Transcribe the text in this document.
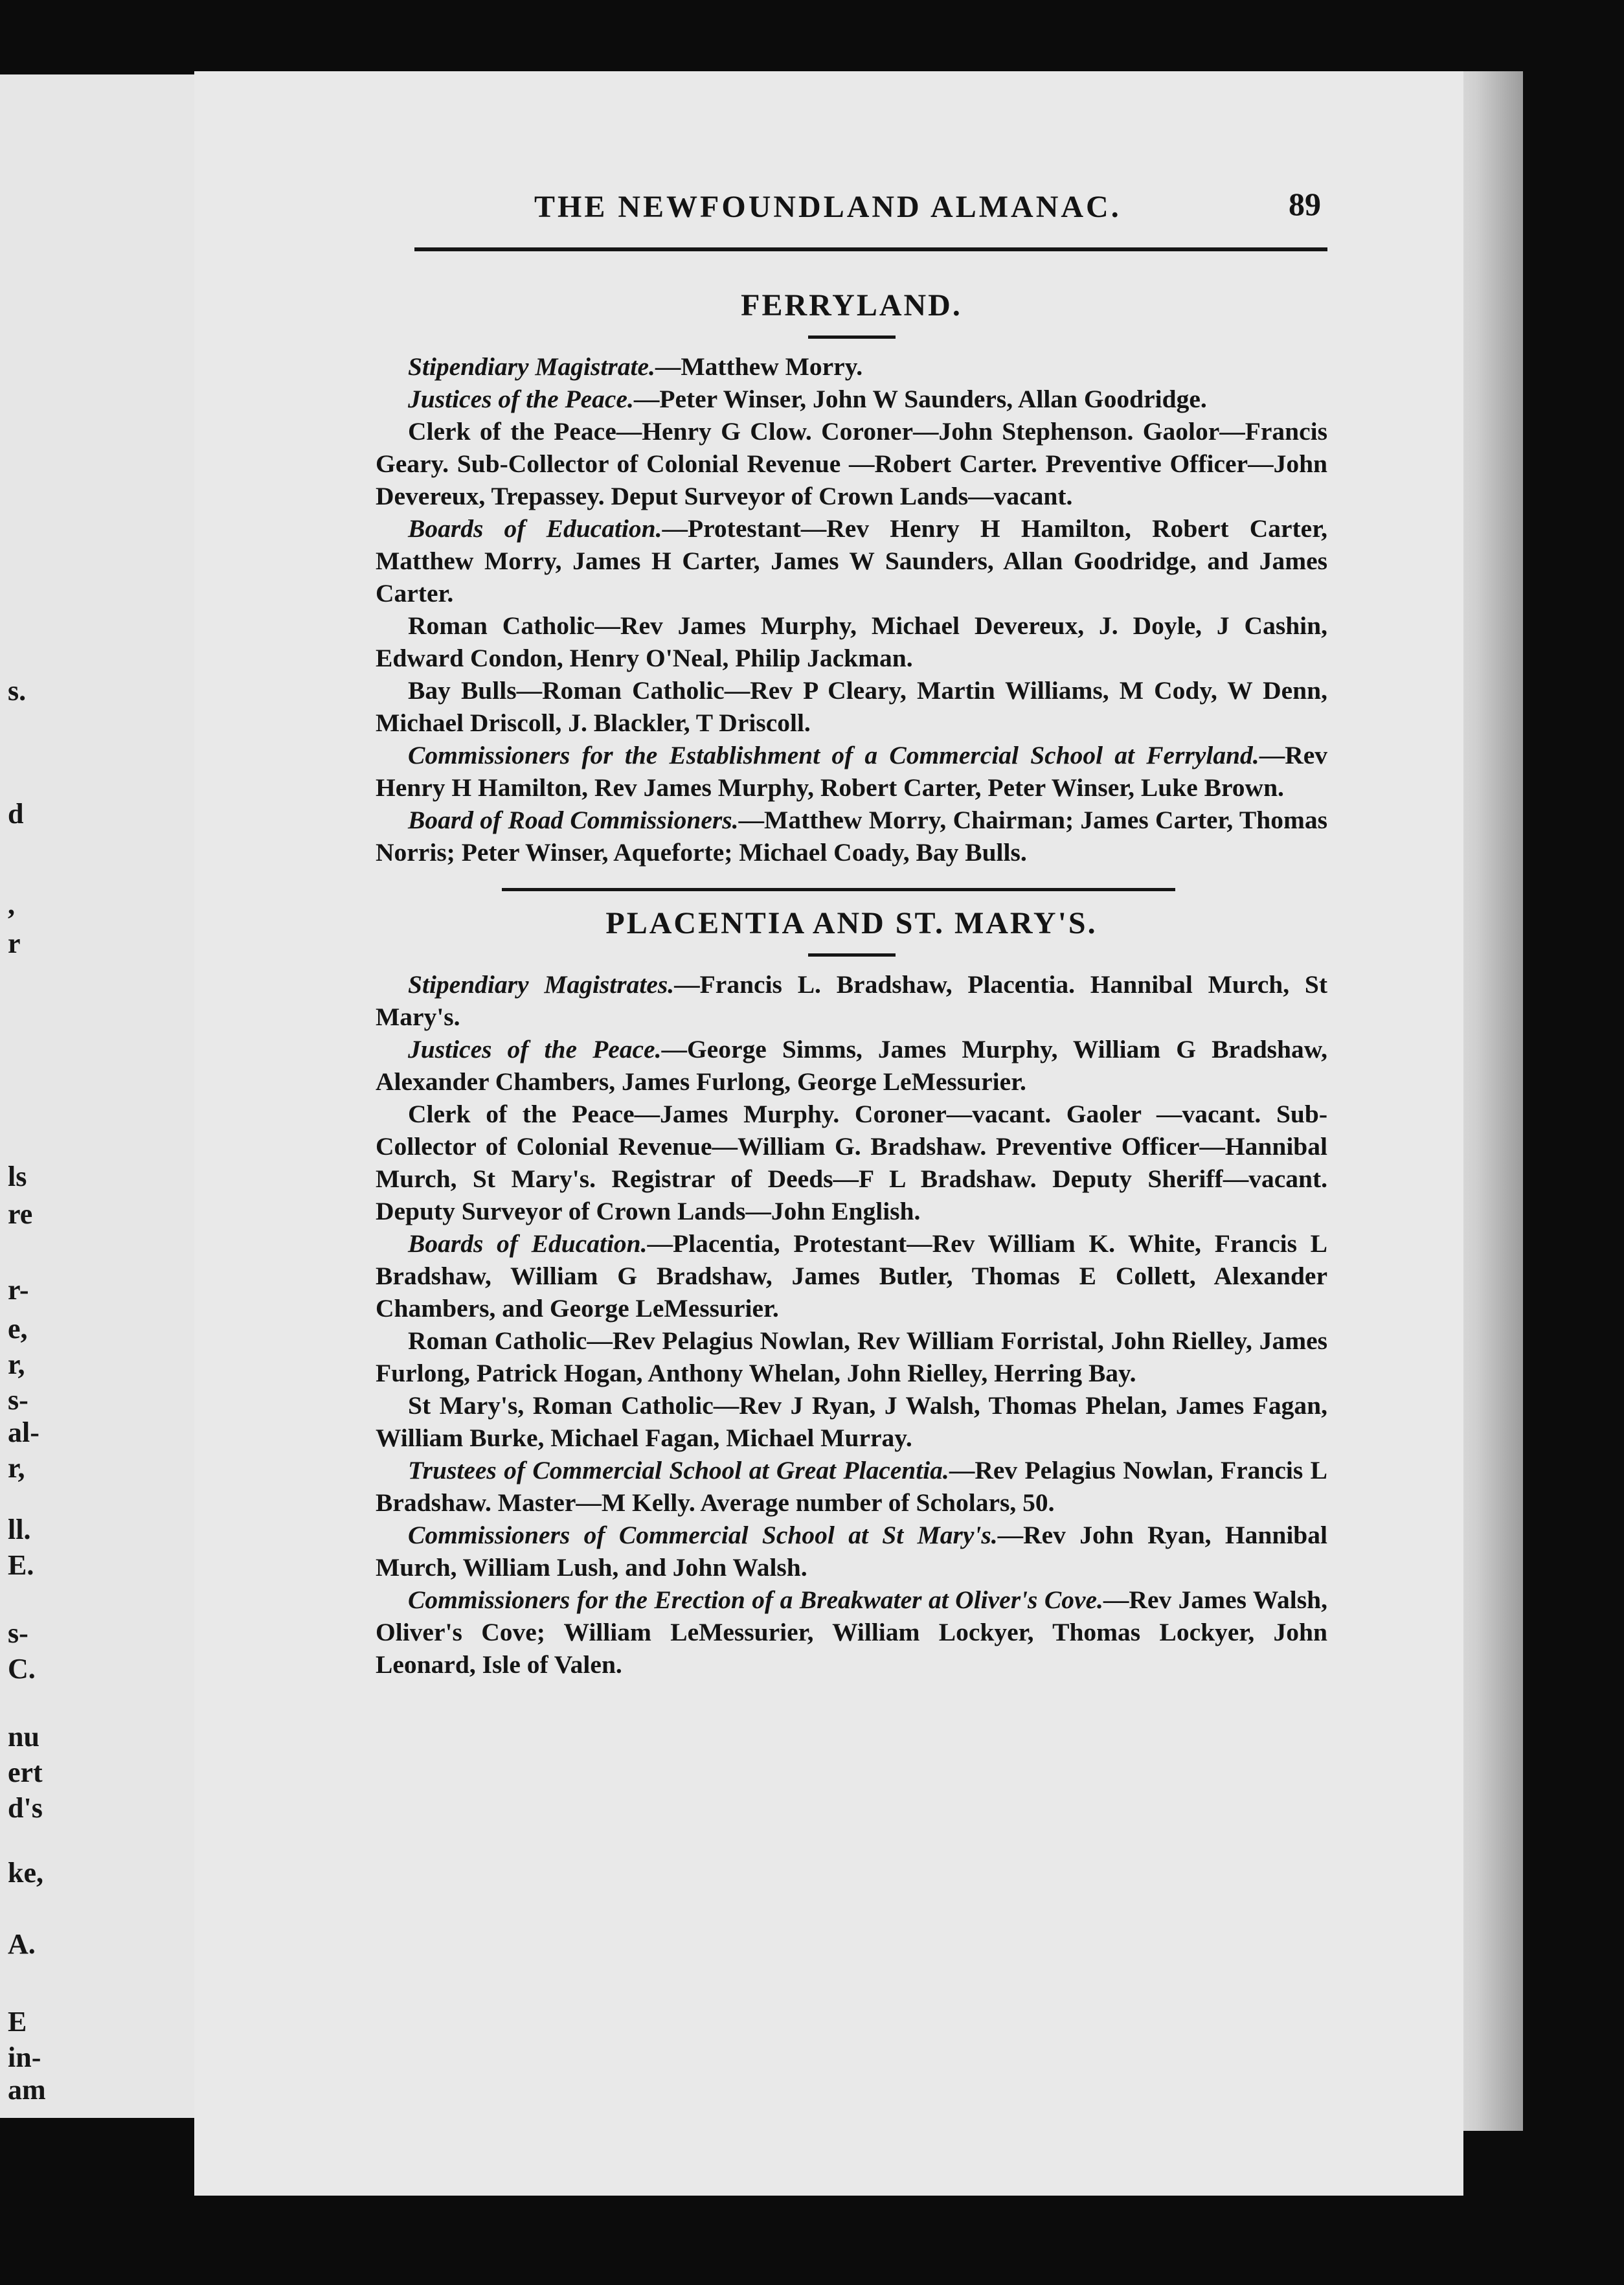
s.
d
,
r
ls
re
r-
e,
r,
s-
al-
r,
ll.
E.
s-
C.
nu
ert
d's
ke,
A.
E
in-
am
THE NEWFOUNDLAND ALMANAC.	89
FERRYLAND.

Stipendiary Magistrate.—Matthew Morry.

Justices of the Peace.—Peter Winser, John W Saunders, Allan Goodridge.

Clerk of the Peace—Henry G Clow. Coroner—John Stephenson. Gaolor—Francis Geary. Sub-Collector of Colonial Revenue —Robert Carter. Preventive Officer—John Devereux, Trepassey. Deput Surveyor of Crown Lands—vacant.

Boards of Education.—Protestant—Rev Henry H Hamilton, Robert Carter, Matthew Morry, James H Carter, James W Saunders, Allan Goodridge, and James Carter.

Roman Catholic—Rev James Murphy, Michael Devereux, J. Doyle, J Cashin, Edward Condon, Henry O'Neal, Philip Jackman.

Bay Bulls—Roman Catholic—Rev P Cleary, Martin Williams, M Cody, W Denn, Michael Driscoll, J. Blackler, T Driscoll.

Commissioners for the Establishment of a Commercial School at Ferryland.—Rev Henry H Hamilton, Rev James Murphy, Robert Carter, Peter Winser, Luke Brown.

Board of Road Commissioners.—Matthew Morry, Chairman; James Carter, Thomas Norris; Peter Winser, Aqueforte; Michael Coady, Bay Bulls.

PLACENTIA AND ST. MARY'S.

Stipendiary Magistrates.—Francis L. Bradshaw, Placentia. Hannibal Murch, St Mary's.

Justices of the Peace.—George Simms, James Murphy, William G Bradshaw, Alexander Chambers, James Furlong, George LeMessurier.

Clerk of the Peace—James Murphy. Coroner—vacant. Gaoler —vacant. Sub-Collector of Colonial Revenue—William G. Bradshaw. Preventive Officer—Hannibal Murch, St Mary's. Registrar of Deeds—F L Bradshaw. Deputy Sheriff—vacant. Deputy Surveyor of Crown Lands—John English.

Boards of Education.—Placentia, Protestant—Rev William K. White, Francis L Bradshaw, William G Bradshaw, James Butler, Thomas E Collett, Alexander Chambers, and George LeMessurier.

Roman Catholic—Rev Pelagius Nowlan, Rev William Forristal, John Rielley, James Furlong, Patrick Hogan, Anthony Whelan, John Rielley, Herring Bay.

St Mary's, Roman Catholic—Rev J Ryan, J Walsh, Thomas Phelan, James Fagan, William Burke, Michael Fagan, Michael Murray.

Trustees of Commercial School at Great Placentia.—Rev Pelagius Nowlan, Francis L Bradshaw. Master—M Kelly. Average number of Scholars, 50.

Commissioners of Commercial School at St Mary's.—Rev John Ryan, Hannibal Murch, William Lush, and John Walsh.

Commissioners for the Erection of a Breakwater at Oliver's Cove.—Rev James Walsh, Oliver's Cove; William LeMessurier, William Lockyer, Thomas Lockyer, John Leonard, Isle of Valen.
